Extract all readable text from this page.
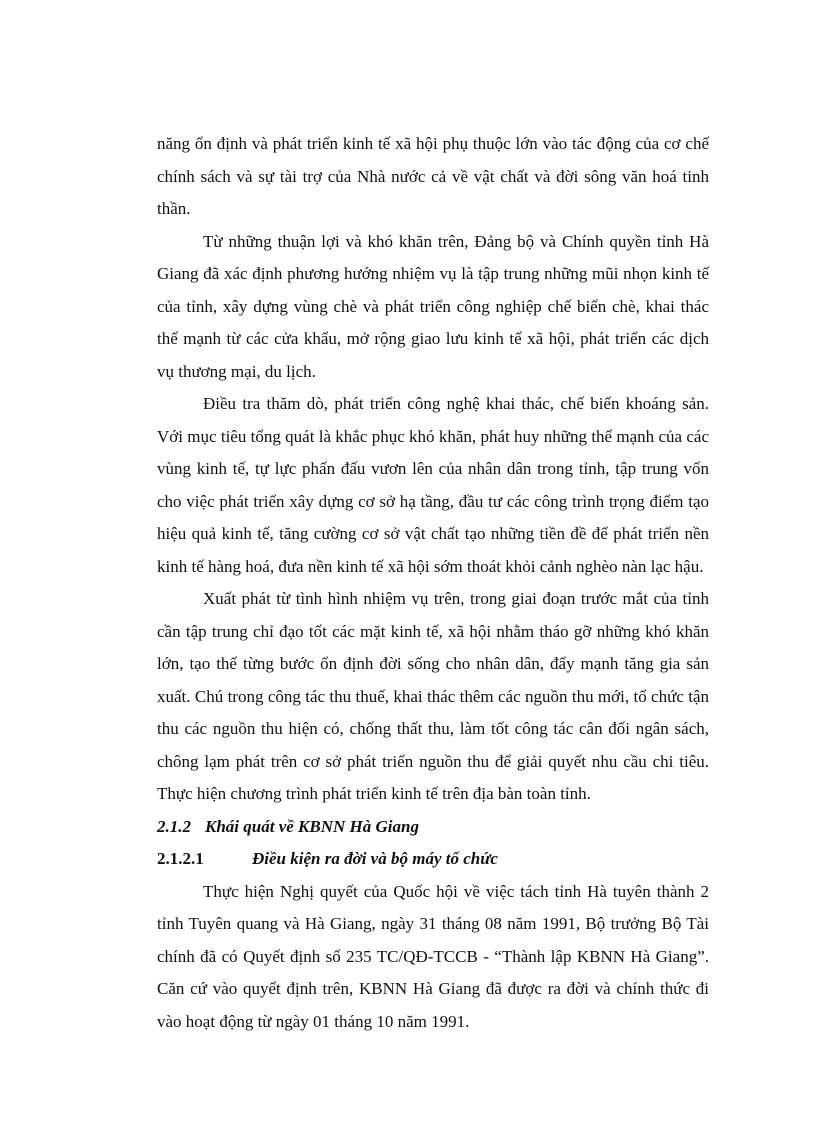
năng ổn định và phát triển kinh tế xã hội phụ thuộc lớn vào tác động của cơ chế chính sách và sự tài trợ của Nhà nước cả về vật chất và đời sông văn hoá tinh thần.

Từ những thuận lợi và khó khăn trên, Đảng bộ và Chính quyền tỉnh Hà Giang đã xác định phương hướng nhiệm vụ là tập trung những mũi nhọn kinh tế của tỉnh, xây dựng vùng chè và phát triển công nghiệp chế biến chè, khai thác thế mạnh từ các cửa khẩu, mở rộng giao lưu kinh tế xã hội, phát triển các dịch vụ thương mại, du lịch.

Điều tra thăm dò, phát triển công nghệ khai thác, chế biến khoáng sản. Với mục tiêu tổng quát là khắc phục khó khăn, phát huy những thế mạnh của các vùng kinh tế, tự lực phấn đấu vươn lên của nhân dân trong tỉnh, tập trung vốn cho việc phát triển xây dựng cơ sở hạ tầng, đầu tư các công trình trọng điểm tạo hiệu quả kinh tế, tăng cường cơ sở vật chất tạo những tiền đề để phát triển nền kinh tế hàng hoá, đưa nền kinh tế xã hội sớm thoát khỏi cảnh nghèo nàn lạc hậu.

Xuất phát từ tình hình nhiệm vụ trên, trong giai đoạn trước mắt của tỉnh cần tập trung chỉ đạo tốt các mặt kinh tế, xã hội nhằm tháo gỡ những khó khăn lớn, tạo thế từng bước ổn định đời sống cho nhân dân, đẩy mạnh tăng gia sản xuất. Chú trong công tác thu thuế, khai thác thêm các nguồn thu mới, tổ chức tận thu các nguồn thu hiện có, chống thất thu, làm tốt công tác cân đối ngân sách, chông lạm phát trên cơ sở phát triển nguồn thu để giải quyết nhu cầu chi tiêu. Thực hiện chương trình phát triển kinh tế trên địa bàn toàn tỉnh.

2.1.2 Khái quát về KBNN Hà Giang
2.1.2.1	Điều kiện ra đời và bộ máy tổ chức

Thực hiện Nghị quyết của Quốc hội về việc tách tỉnh Hà tuyên thành 2 tỉnh Tuyên quang và Hà Giang, ngày 31 tháng 08 năm 1991, Bộ trưởng Bộ Tài chính đã có Quyết định số 235 TC/QĐ-TCCB - “Thành lập KBNN Hà Giang”. Căn cứ vào quyết định trên, KBNN Hà Giang đã được ra đời và chính thức đi vào hoạt động từ ngày 01 tháng 10 năm 1991.
